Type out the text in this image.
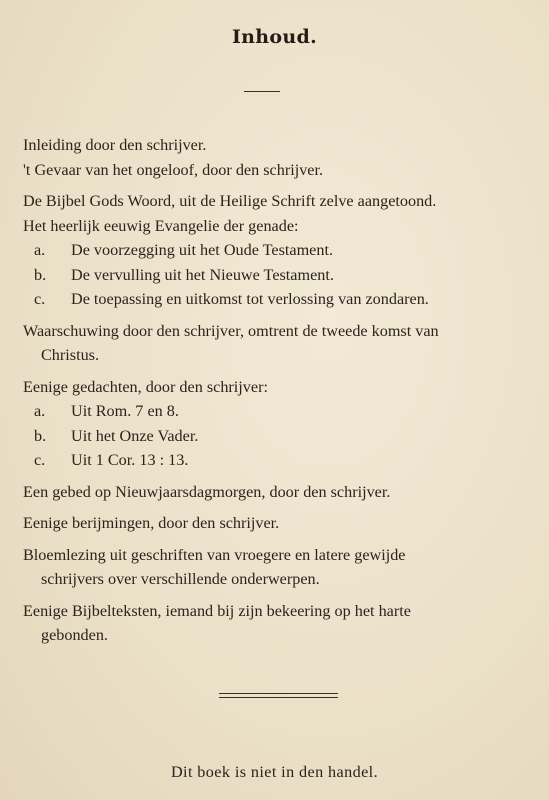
Inhoud.

Inleiding door den schrijver.

't Gevaar van het ongeloof, door den schrijver.

De Bijbel Gods Woord, uit de Heilige Schrift zelve aangetoond.

Het heerlijk eeuwig Evangelie der genade:

a.	De voorzegging uit het Oude Testament.
b.	De vervulling uit het Nieuwe Testament.
c.	De toepassing en uitkomst tot verlossing van zondaren.

Waarschuwing door den schrijver, omtrent de tweede komst van
Christus.

Eenige gedachten, door den schrijver:

a.	Uit Rom. 7 en 8.
b.	Uit het Onze Vader.
c.	Uit 1 Cor. 13 : 13.

Een gebed op Nieuwjaarsdagmorgen, door den schrijver.

Eenige berijmingen, door den schrijver.

Bloemlezing uit geschriften van vroegere en latere gewijde
schrijvers over verschillende onderwerpen.

Eenige Bijbelteksten, iemand bij zijn bekeering op het harte
gebonden.

Dit boek is niet in den handel.
